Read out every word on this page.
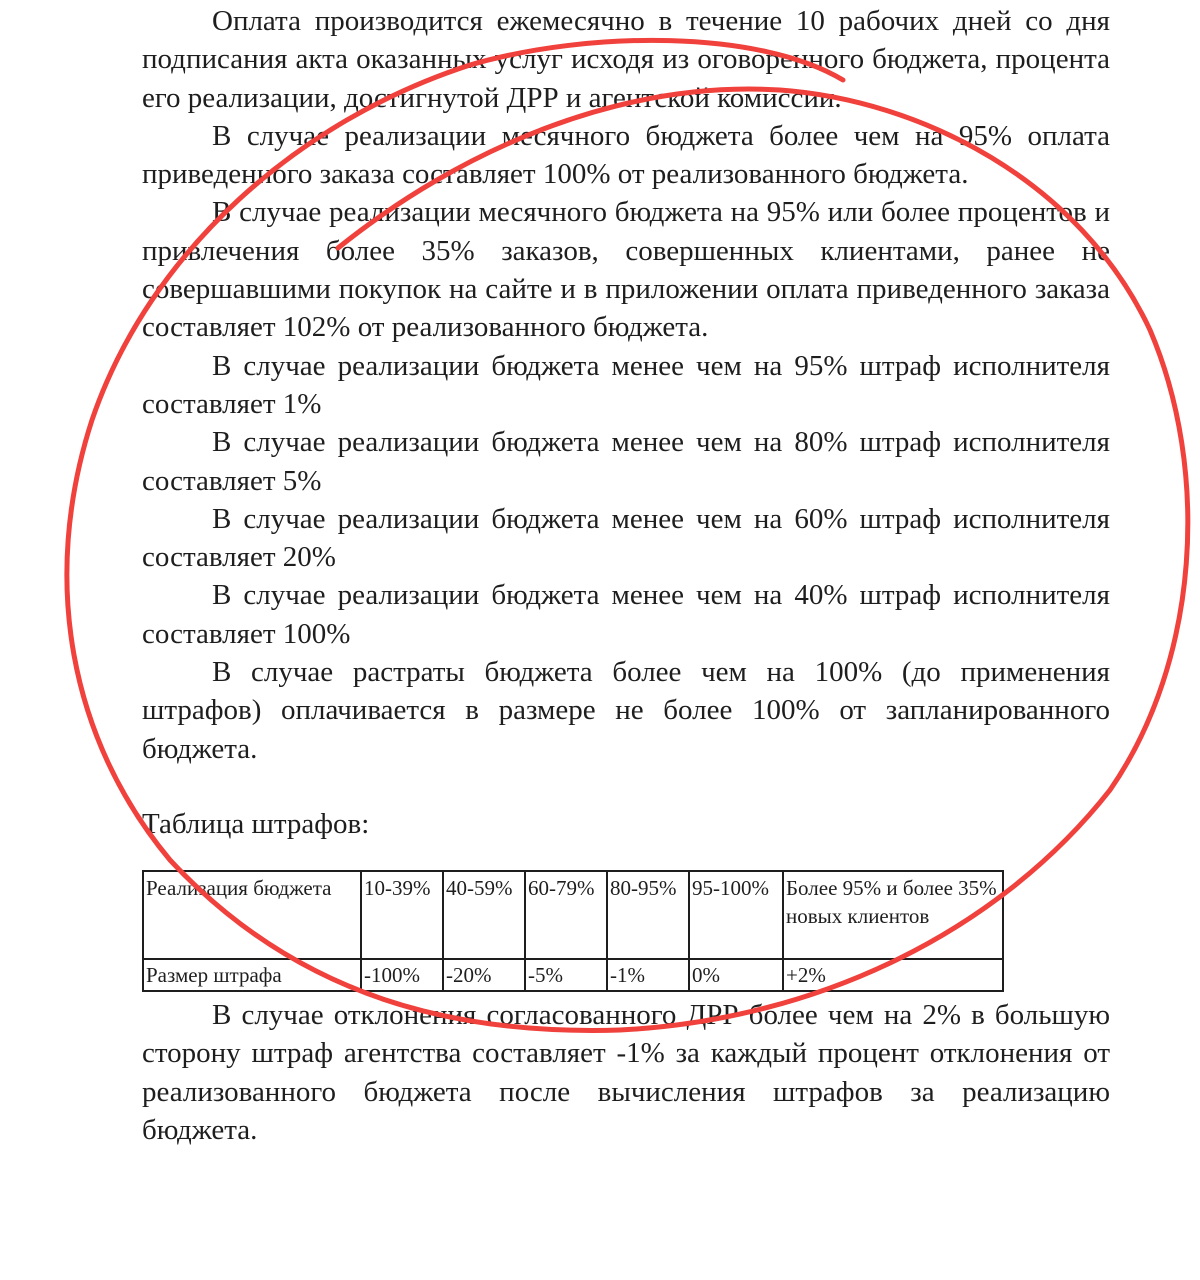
Оплата производится ежемесячно в течение 10 рабочих дней со дня подписания акта оказанных услуг исходя из оговоренного бюджета, процента его реализации, достигнутой ДРР и агентской комиссии.

В случае реализации месячного бюджета более чем на 95% оплата приведенного заказа составляет 100% от реализованного бюджета.

В случае реализации месячного бюджета на 95% или более процентов и привлечения более 35% заказов, совершенных клиентами, ранее не совершавшими покупок на сайте и в приложении оплата приведенного заказа составляет 102% от реализованного бюджета.

В случае реализации бюджета менее чем на 95% штраф исполнителя составляет 1%

В случае реализации бюджета менее чем на 80% штраф исполнителя составляет 5%

В случае реализации бюджета менее чем на 60% штраф исполнителя составляет 20%

В случае реализации бюджета менее чем на 40% штраф исполнителя составляет 100%

В случае растраты бюджета более чем на 100% (до применения штрафов) оплачивается в размере не более 100% от запланированного бюджета.

Таблица штрафов:

Реализация бюджета	10-39%	40-59%	60-79%	80-95%	95-100%	Более 95% и более 35% новых клиентов
Размер штрафа	-100%	-20%	-5%	-1%	0%	+2%

В случае отклонения согласованного ДРР более чем на 2% в большую сторону штраф агентства составляет -1% за каждый процент отклонения от реализованного бюджета после вычисления штрафов за реализацию бюджета.
